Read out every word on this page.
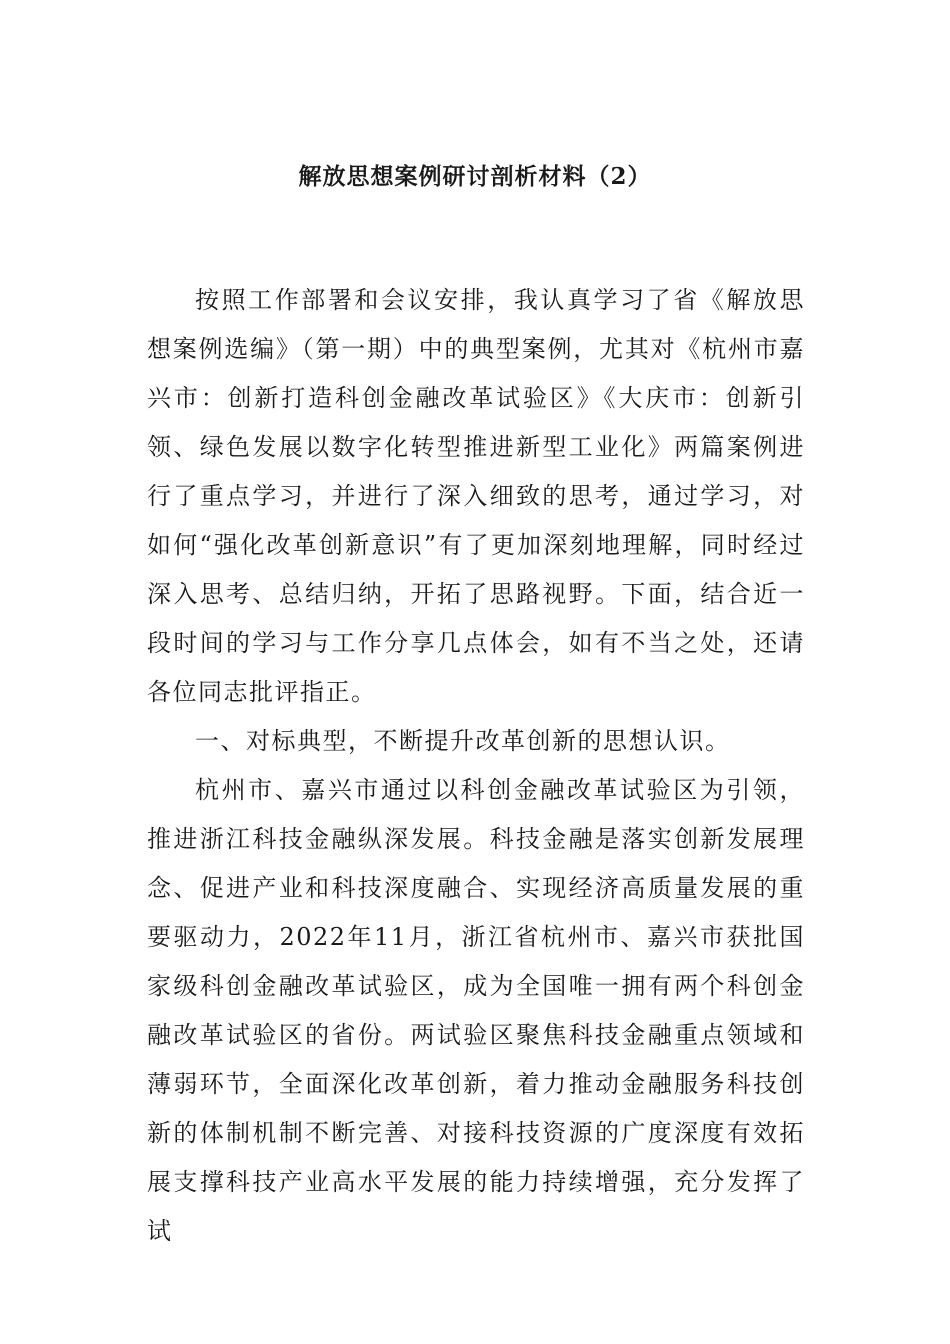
解放思想案例研讨剖析材料（2）

按照工作部署和会议安排，我认真学习了省《解放思想案例选编》（第一期）中的典型案例，尤其对《杭州市嘉兴市：创新打造科创金融改革试验区》《大庆市：创新引领、绿色发展以数字化转型推进新型工业化》两篇案例进行了重点学习，并进行了深入细致的思考，通过学习，对如何“强化改革创新意识”有了更加深刻地理解，同时经过深入思考、总结归纳，开拓了思路视野。下面，结合近一段时间的学习与工作分享几点体会，如有不当之处，还请各位同志批评指正。

一、对标典型，不断提升改革创新的思想认识。

杭州市、嘉兴市通过以科创金融改革试验区为引领，推进浙江科技金融纵深发展。科技金融是落实创新发展理念、促进产业和科技深度融合、实现经济高质量发展的重要驱动力，2022年11月，浙江省杭州市、嘉兴市获批国家级科创金融改革试验区，成为全国唯一拥有两个科创金融改革试验区的省份。两试验区聚焦科技金融重点领域和薄弱环节，全面深化改革创新，着力推动金融服务科技创新的体制机制不断完善、对接科技资源的广度深度有效拓展支撑科技产业高水平发展的能力持续增强，充分发挥了试
